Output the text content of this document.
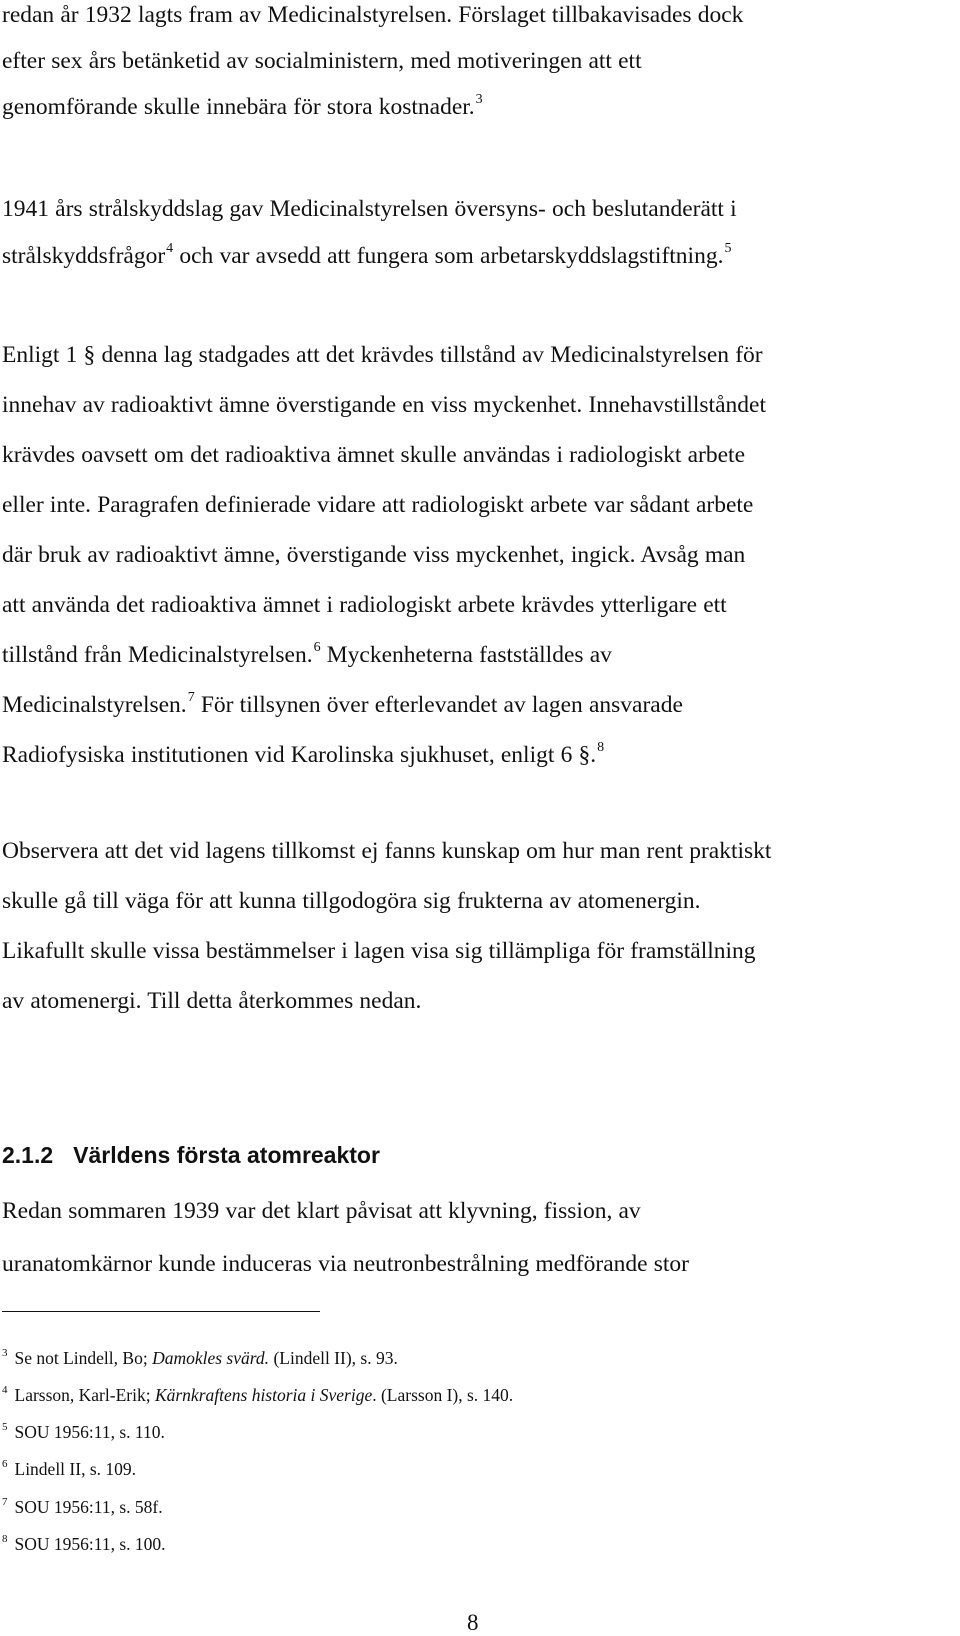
redan år 1932 lagts fram av Medicinalstyrelsen. Förslaget tillbakavisades dock
efter sex års betänketid av socialministern, med motiveringen att ett
genomförande skulle innebära för stora kostnader.$^3$
1941 års strålskyddslag gav Medicinalstyrelsen översyns- och beslutanderätt i
strålskyddsfrågor$^4$ och var avsedd att fungera som arbetarskyddslagstiftning.$^5$
Enligt 1 § denna lag stadgades att det krävdes tillstånd av Medicinalstyrelsen för
innehav av radioaktivt ämne överstigande en viss myckenhet. Innehavstillståndet
krävdes oavsett om det radioaktiva ämnet skulle användas i radiologiskt arbete
eller inte. Paragrafen definierade vidare att radiologiskt arbete var sådant arbete
där bruk av radioaktivt ämne, överstigande viss myckenhet, ingick. Avsåg man
att använda det radioaktiva ämnet i radiologiskt arbete krävdes ytterligare ett
tillstånd från Medicinalstyrelsen.$^6$ Myckenheterna fastställdes av
Medicinalstyrelsen.$^7$ För tillsynen över efterlevandet av lagen ansvarade
Radiofysiska institutionen vid Karolinska sjukhuset, enligt 6 §.$^8$
Observera att det vid lagens tillkomst ej fanns kunskap om hur man rent praktiskt
skulle gå till väga för att kunna tillgodogöra sig frukterna av atomenergin.
Likafullt skulle vissa bestämmelser i lagen visa sig tillämpliga för framställning
av atomenergi. Till detta återkommes nedan.
2.1.2 Världens första atomreaktor
Redan sommaren 1939 var det klart påvisat att klyvning, fission, av
uranatomkärnor kunde induceras via neutronbestrålning medförande stor
$^3$ Se not Lindell, Bo; Damokles svärd. (Lindell II), s. 93.
$^4$ Larsson, Karl-Erik; Kärnkraftens historia i Sverige. (Larsson I), s. 140.
$^5$ SOU 1956:11, s. 110.
$^6$ Lindell II, s. 109.
$^7$ SOU 1956:11, s. 58f.
$^8$ SOU 1956:11, s. 100.
8
